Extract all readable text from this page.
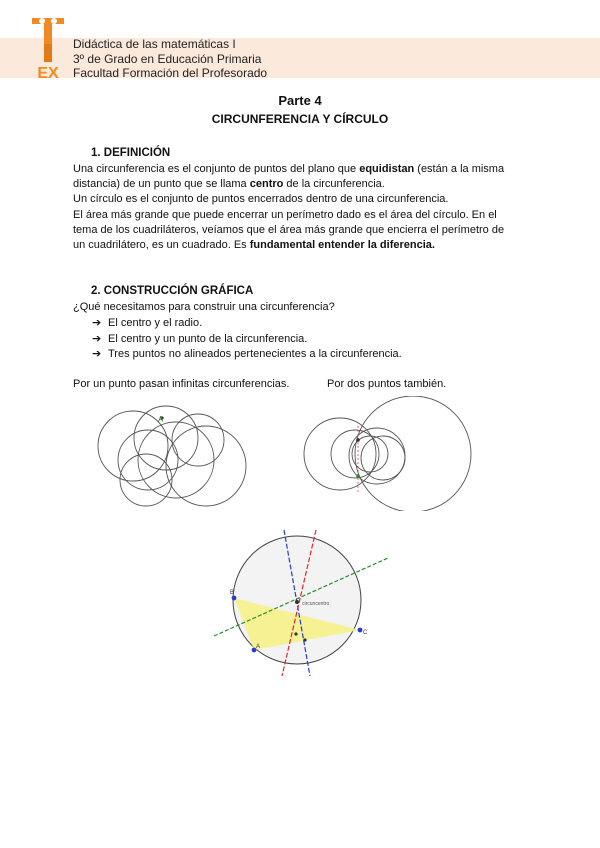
EX
Didáctica de las matemáticas I
3º de Grado en Educación Primaria
Facultad Formación del Profesorado
Parte 4
CIRCUNFERENCIA Y CÍRCULO
1. DEFINICIÓN
Una circunferencia es el conjunto de puntos del plano que equidistan (están a la misma distancia) de un punto que se llama centro de la circunferencia.
Un círculo es el conjunto de puntos encerrados dentro de una circunferencia.
El área más grande que puede encerrar un perímetro dado es el área del círculo. En el tema de los cuadriláteros, veíamos que el área más grande que encierra el perímetro de un cuadrilátero, es un cuadrado. Es fundamental entender la diferencia.
2. CONSTRUCCIÓN GRÁFICA
¿Qué necesitamos para construir una circunferencia?
➔ El centro y el radio.
➔ El centro y un punto de la circunferencia.
➔ Tres puntos no alineados pertenecientes a la circunferencia.
Por un punto pasan infinitas circunferencias.	Por dos puntos también.
A
circuncentro
B
C
A
